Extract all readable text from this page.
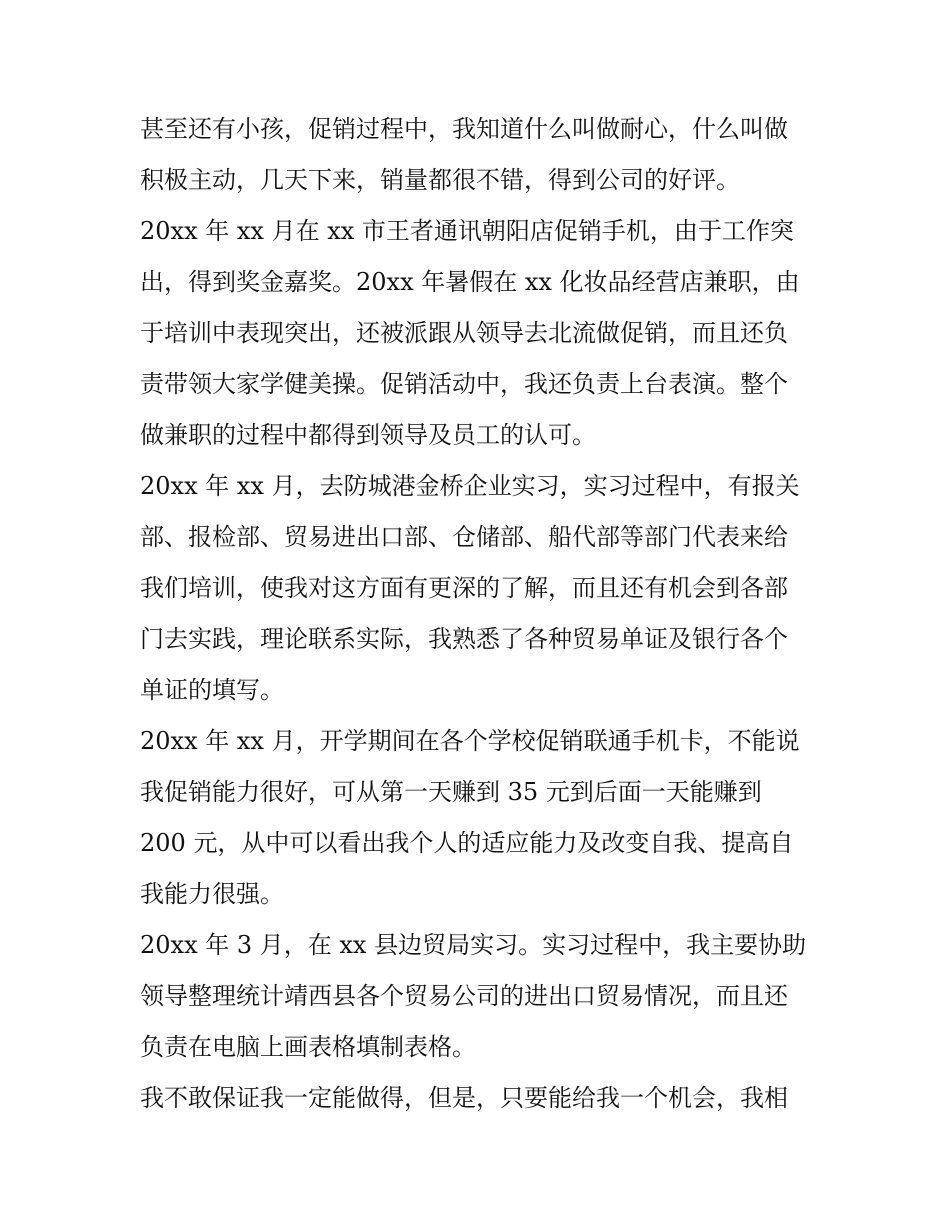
甚至还有小孩，促销过程中，我知道什么叫做耐心，什么叫做
积极主动，几天下来，销量都很不错，得到公司的好评。
20xx 年 xx 月在 xx 市王者通讯朝阳店促销手机，由于工作突
出，得到奖金嘉奖。20xx 年暑假在 xx 化妆品经营店兼职，由
于培训中表现突出，还被派跟从领导去北流做促销，而且还负
责带领大家学健美操。促销活动中，我还负责上台表演。整个
做兼职的过程中都得到领导及员工的认可。
20xx 年 xx 月，去防城港金桥企业实习，实习过程中，有报关
部、报检部、贸易进出口部、仓储部、船代部等部门代表来给
我们培训，使我对这方面有更深的了解，而且还有机会到各部
门去实践，理论联系实际，我熟悉了各种贸易单证及银行各个
单证的填写。
20xx 年 xx 月，开学期间在各个学校促销联通手机卡，不能说
我促销能力很好，可从第一天赚到 35 元到后面一天能赚到
200 元，从中可以看出我个人的适应能力及改变自我、提高自
我能力很强。
20xx 年 3 月，在 xx 县边贸局实习。实习过程中，我主要协助
领导整理统计靖西县各个贸易公司的进出口贸易情况，而且还
负责在电脑上画表格填制表格。
我不敢保证我一定能做得，但是，只要能给我一个机会，我相
